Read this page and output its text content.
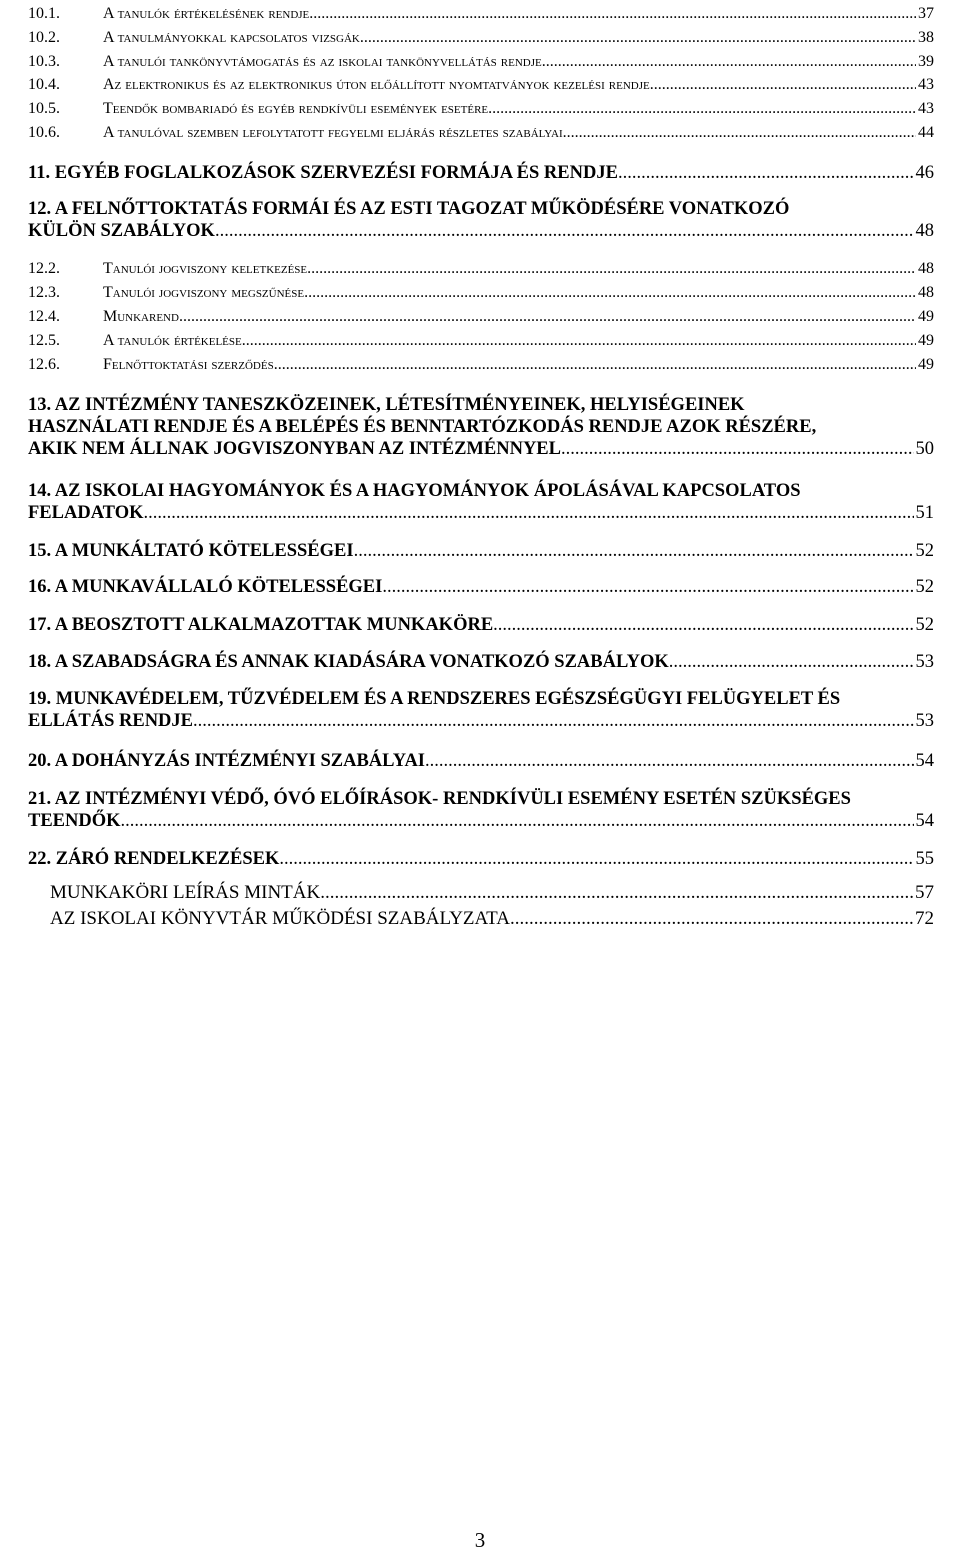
10.1.	A tanulók értékelésének rendje .....	37
10.2.	A tanulmányokkal kapcsolatos vizsgák .....	38
10.3.	A tanulói tankönyvtámogatás és az iskolai tankönyvellátás rendje .....	39
10.4.	Az elektronikus és az elektronikus úton előállított nyomtatványok kezelési rendje. .....	43
10.5.	Teendők bombariadó és egyéb rendkívüli események esetére .....	43
10.6.	A tanulóval szemben lefolytatott fegyelmi eljárás részletes szabályai .....	44
11. EGYÉB FOGLALKOZÁSOK SZERVEZÉSI FORMÁJA ÉS RENDJE .....	46
12. A FELNŐTTOKTATÁS FORMÁI ÉS AZ ESTI TAGOZAT MŰKÖDÉSÉRE VONATKOZÓ
KÜLÖN SZABÁLYOK .....	48
12.2.	Tanulói jogviszony keletkezése .....	48
12.3.	Tanulói jogviszony megszűnése .....	48
12.4.	Munkarend .....	49
12.5.	A tanulók értékelése .....	49
12.6.	Felnőttoktatási szerződés .....	49
13. AZ INTÉZMÉNY TANESZKÖZEINEK, LÉTESÍTMÉNYEINEK, HELYISÉGEINEK
HASZNÁLATI RENDJE ÉS A BELÉPÉS ÉS BENNTARTÓZKODÁS RENDJE AZOK RÉSZÉRE,
AKIK NEM ÁLLNAK JOGVISZONYBAN AZ INTÉZMÉNNYEL .....	50
14. AZ ISKOLAI HAGYOMÁNYOK ÉS A HAGYOMÁNYOK ÁPOLÁSÁVAL KAPCSOLATOS
FELADATOK .....	51
15. A MUNKÁLTATÓ KÖTELESSÉGEI .....	52
16. A MUNKAVÁLLALÓ KÖTELESSÉGEI .....	52
17. A BEOSZTOTT ALKALMAZOTTAK MUNKAKÖRE .....	52
18. A SZABADSÁGRA ÉS ANNAK KIADÁSÁRA VONATKOZÓ SZABÁLYOK .....	53
19. MUNKAVÉDELEM, TŰZVÉDELEM ÉS A RENDSZERES EGÉSZSÉGÜGYI FELÜGYELET ÉS
ELLÁTÁS RENDJE .....	53
20. A DOHÁNYZÁS INTÉZMÉNYI SZABÁLYAI .....	54
21. AZ INTÉZMÉNYI VÉDŐ, ÓVÓ ELŐÍRÁSOK- RENDKÍVÜLI ESEMÉNY ESETÉN SZÜKSÉGES
TEENDŐK .....	54
22. ZÁRÓ RENDELKEZÉSEK .....	55
MUNKAKÖRI LEÍRÁS MINTÁK .....	57
AZ ISKOLAI KÖNYVTÁR MŰKÖDÉSI SZABÁLYZATA .....	72
3
